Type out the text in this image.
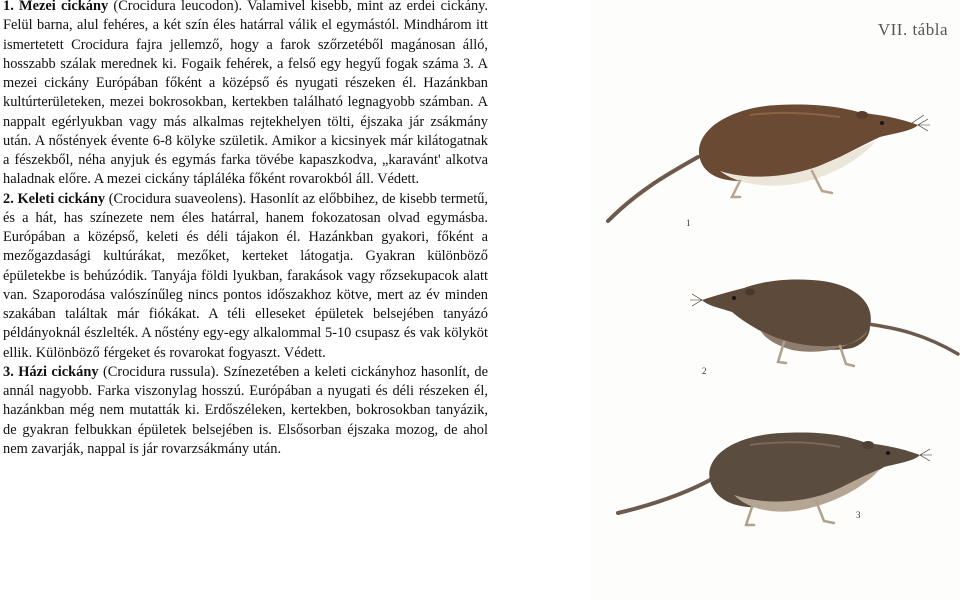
1. Mezei cickány (Crocidura leucodon). Valamivel kisebb, mint az erdei cickány. Felül barna, alul fehéres, a két szín éles határral válik el egymástól. Mindhárom itt ismertetett Crocidura fajra jellemző, hogy a farok szőrzetéből magánosan álló, hosszabb szálak merednek ki. Fogaik fehérek, a felső egy hegyű fogak száma 3. A mezei cickány Európában főként a középső és nyugati részeken él. Hazánkban kultúrterületeken, mezei bokrosokban, kertekben található legnagyobb számban. A nappalt egérlyukban vagy más alkalmas rejtekhelyen tölti, éjszaka jár zsákmány után. A nőstények évente 6-8 kölyke születik. Amikor a kicsinyek már kilátogatnak a fészekből, néha anyjuk és egymás farka tövébe kapaszkodva, „karavánt' alkotva haladnak előre. A mezei cickány tápláléka főként rovarokból áll. Védett.

2. Keleti cickány (Crocidura suaveolens). Hasonlít az előbbihez, de kisebb termetű, és a hát, has színezete nem éles határral, hanem fokozatosan olvad egymásba. Európában a középső, keleti és déli tájakon él. Hazánkban gyakori, főként a mezőgazdasági kultúrákat, mezőket, kerteket látogatja. Gyakran különböző épületekbe is behúzódik. Tanyája földi lyukban, farakások vagy rőzsekupacok alatt van. Szaporodása valószínűleg nincs pontos időszakhoz kötve, mert az év minden szakában találtak már fiókákat. A téli elleseket épületek belsejében tanyázó példányoknál észlelték. A nőstény egy-egy alkalommal 5-10 csupasz és vak kölyköt ellik. Különböző férgeket és rovarokat fogyaszt. Védett.

3. Házi cickány (Crocidura russula). Színezetében a keleti cickányhoz hasonlít, de annál nagyobb. Farka viszonylag hosszú. Európában a nyugati és déli részeken él, hazánkban még nem mutatták ki. Erdőszéleken, kertekben, bokrosokban tanyázik, de gyakran felbukkan épületek belsejében is. Elsősorban éjszaka mozog, de ahol nem zavarják, nappal is jár rovarzsákmány után.

VII. tábla
1
2
3
